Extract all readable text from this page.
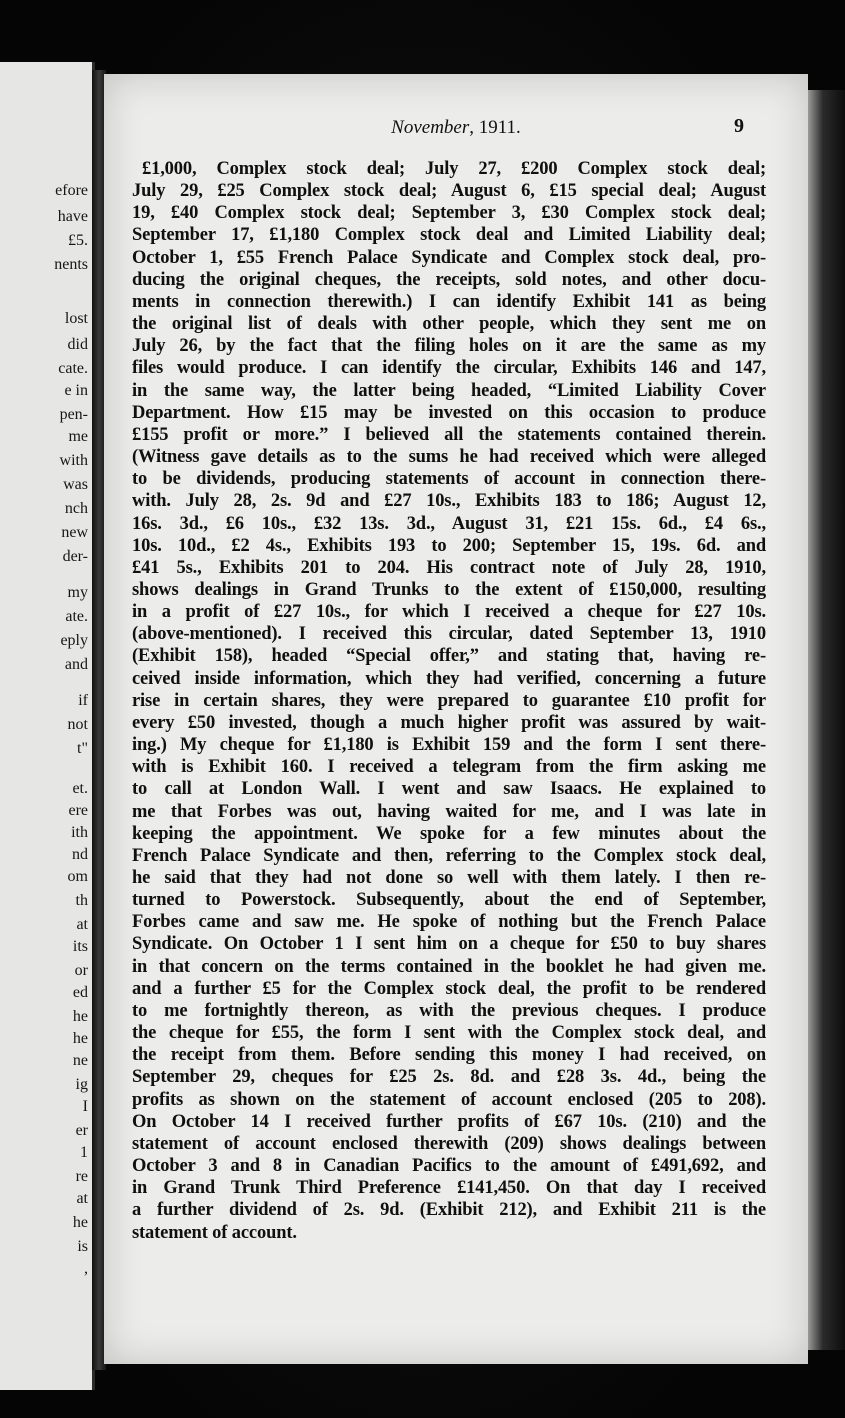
efore
have
£5.
nents
lost
did
cate.
e in
pen-
me
with
was
nch
new
der-
my
ate.
eply
and
if
not
t"
et.
ere
ith
nd
om
th
at
its
or
ed
he
he
ne
ig
I
er
1
re
at
he
is
,
November, 1911.	9
£1,000, Complex stock deal; July 27, £200 Complex stock deal;
July 29, £25 Complex stock deal; August 6, £15 special deal; August
19, £40 Complex stock deal; September 3, £30 Complex stock deal;
September 17, £1,180 Complex stock deal and Limited Liability deal;
October 1, £55 French Palace Syndicate and Complex stock deal, pro-
ducing the original cheques, the receipts, sold notes, and other docu-
ments in connection therewith.) I can identify Exhibit 141 as being
the original list of deals with other people, which they sent me on
July 26, by the fact that the filing holes on it are the same as my
files would produce. I can identify the circular, Exhibits 146 and 147,
in the same way, the latter being headed, “Limited Liability Cover
Department. How £15 may be invested on this occasion to produce
£155 profit or more.” I believed all the statements contained therein.
(Witness gave details as to the sums he had received which were alleged
to be dividends, producing statements of account in connection there-
with. July 28, 2s. 9d and £27 10s., Exhibits 183 to 186; August 12,
16s. 3d., £6 10s., £32 13s. 3d., August 31, £21 15s. 6d., £4 6s.,
10s. 10d., £2 4s., Exhibits 193 to 200; September 15, 19s. 6d. and
£41 5s., Exhibits 201 to 204. His contract note of July 28, 1910,
shows dealings in Grand Trunks to the extent of £150,000, resulting
in a profit of £27 10s., for which I received a cheque for £27 10s.
(above-mentioned). I received this circular, dated September 13, 1910
(Exhibit 158), headed “Special offer,” and stating that, having re-
ceived inside information, which they had verified, concerning a future
rise in certain shares, they were prepared to guarantee £10 profit for
every £50 invested, though a much higher profit was assured by wait-
ing.) My cheque for £1,180 is Exhibit 159 and the form I sent there-
with is Exhibit 160. I received a telegram from the firm asking me
to call at London Wall. I went and saw Isaacs. He explained to
me that Forbes was out, having waited for me, and I was late in
keeping the appointment. We spoke for a few minutes about the
French Palace Syndicate and then, referring to the Complex stock deal,
he said that they had not done so well with them lately. I then re-
turned to Powerstock. Subsequently, about the end of September,
Forbes came and saw me. He spoke of nothing but the French Palace
Syndicate. On October 1 I sent him on a cheque for £50 to buy shares
in that concern on the terms contained in the booklet he had given me.
and a further £5 for the Complex stock deal, the profit to be rendered
to me fortnightly thereon, as with the previous cheques. I produce
the cheque for £55, the form I sent with the Complex stock deal, and
the receipt from them. Before sending this money I had received, on
September 29, cheques for £25 2s. 8d. and £28 3s. 4d., being the
profits as shown on the statement of account enclosed (205 to 208).
On October 14 I received further profits of £67 10s. (210) and the
statement of account enclosed therewith (209) shows dealings between
October 3 and 8 in Canadian Pacifics to the amount of £491,692, and
in Grand Trunk Third Preference £141,450. On that day I received
a further dividend of 2s. 9d. (Exhibit 212), and Exhibit 211 is the
statement of account.
